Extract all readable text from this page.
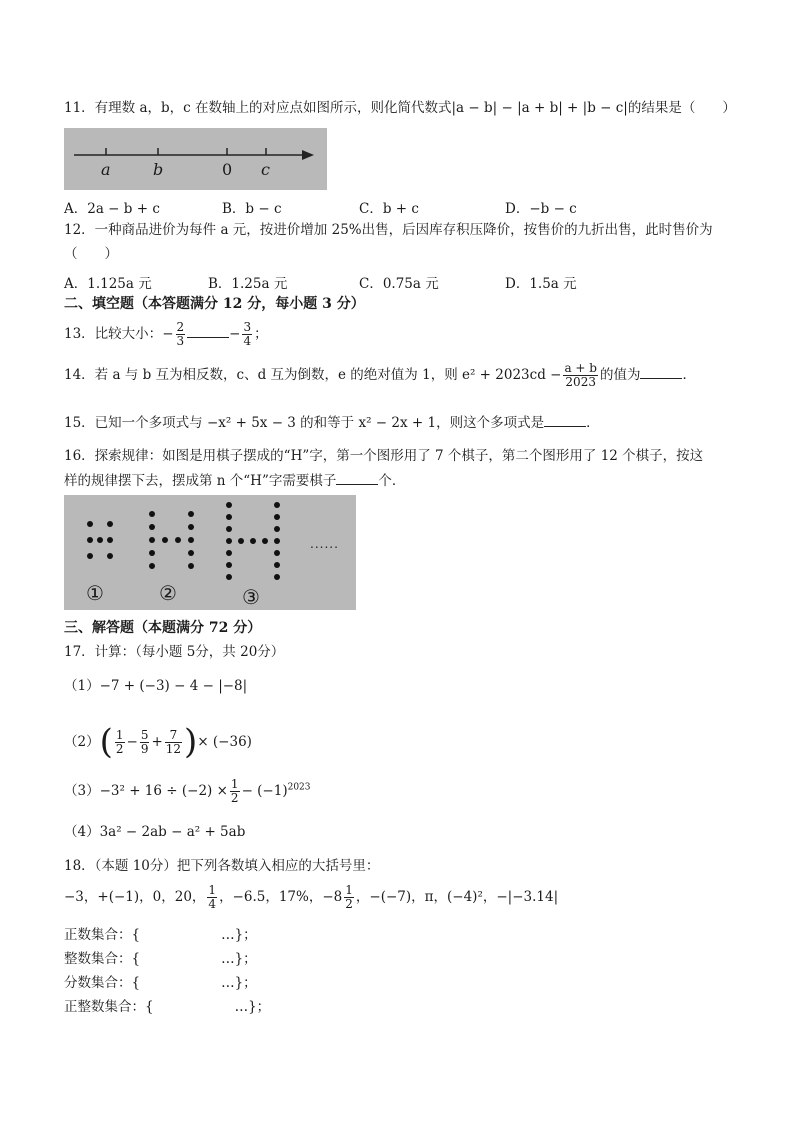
11．有理数 a，b，c 在数轴上的对应点如图所示，则化简代数式|a − b| − |a + b| + |b − c|的结果是（　　）
a	b	0 c
A．2a − b + c	B．b − c	C．b + c	D．−b − c
12．一种商品进价为每件 a 元，按进价增加 25%出售，后因库存积压降价，按售价的九折出售，此时售价为
（　　）
A．1.125a 元	B．1.25a 元	C．0.75a 元	D．1.5a 元
二、填空题（本答题满分 12 分，每小题 3 分）
13．比较大小：− $\frac{2}{3}$	− $\frac{3}{4}$ ；
14．若 a 与 b 互为相反数，c、d 互为倒数，e 的绝对值为 1，则 $e^2 + 2023cd - \frac{a + b}{2023}$ 的值为	．
15．已知一个多项式与 −x² + 5x − 3 的和等于 x² − 2x + 1，则这个多项式是	．
16．探索规律：如图是用棋子摆成的“H”字，第一个图形用了 7 个棋子，第二个图形用了 12 个棋子，按这
样的规律摆下去，摆成第 n 个“H”字需要棋子	个．
①	②	③
......
三、解答题（本题满分 72 分）
17．计算：（每小题 5分，共 20分）
（1）−7 + (−3) − 4 − |−8|
$(2)( \frac{1}{2} - \frac{5}{9} + \frac{7}{12}$ )× (−36)
$(3)-3^2 + 16 \div (-2) \times \frac{1}{2} - (-1)^{2023}$
（4）3a² − 2ab − a² + 5ab
18．（本题 10分）把下列各数填入相应的大括号里：
−3，+(−1)，0，20， $\frac{1}{4}$ ，−6.5，17%，$-8 \frac{1}{2}$ ，−(−7)，π，(−4)²，−|−3.14|
正数集合：{　　　　　　…}；
整数集合：{　　　　　　…}；
分数集合：{　　　　　　…}；
正整数集合：{　　　　　　…}；
